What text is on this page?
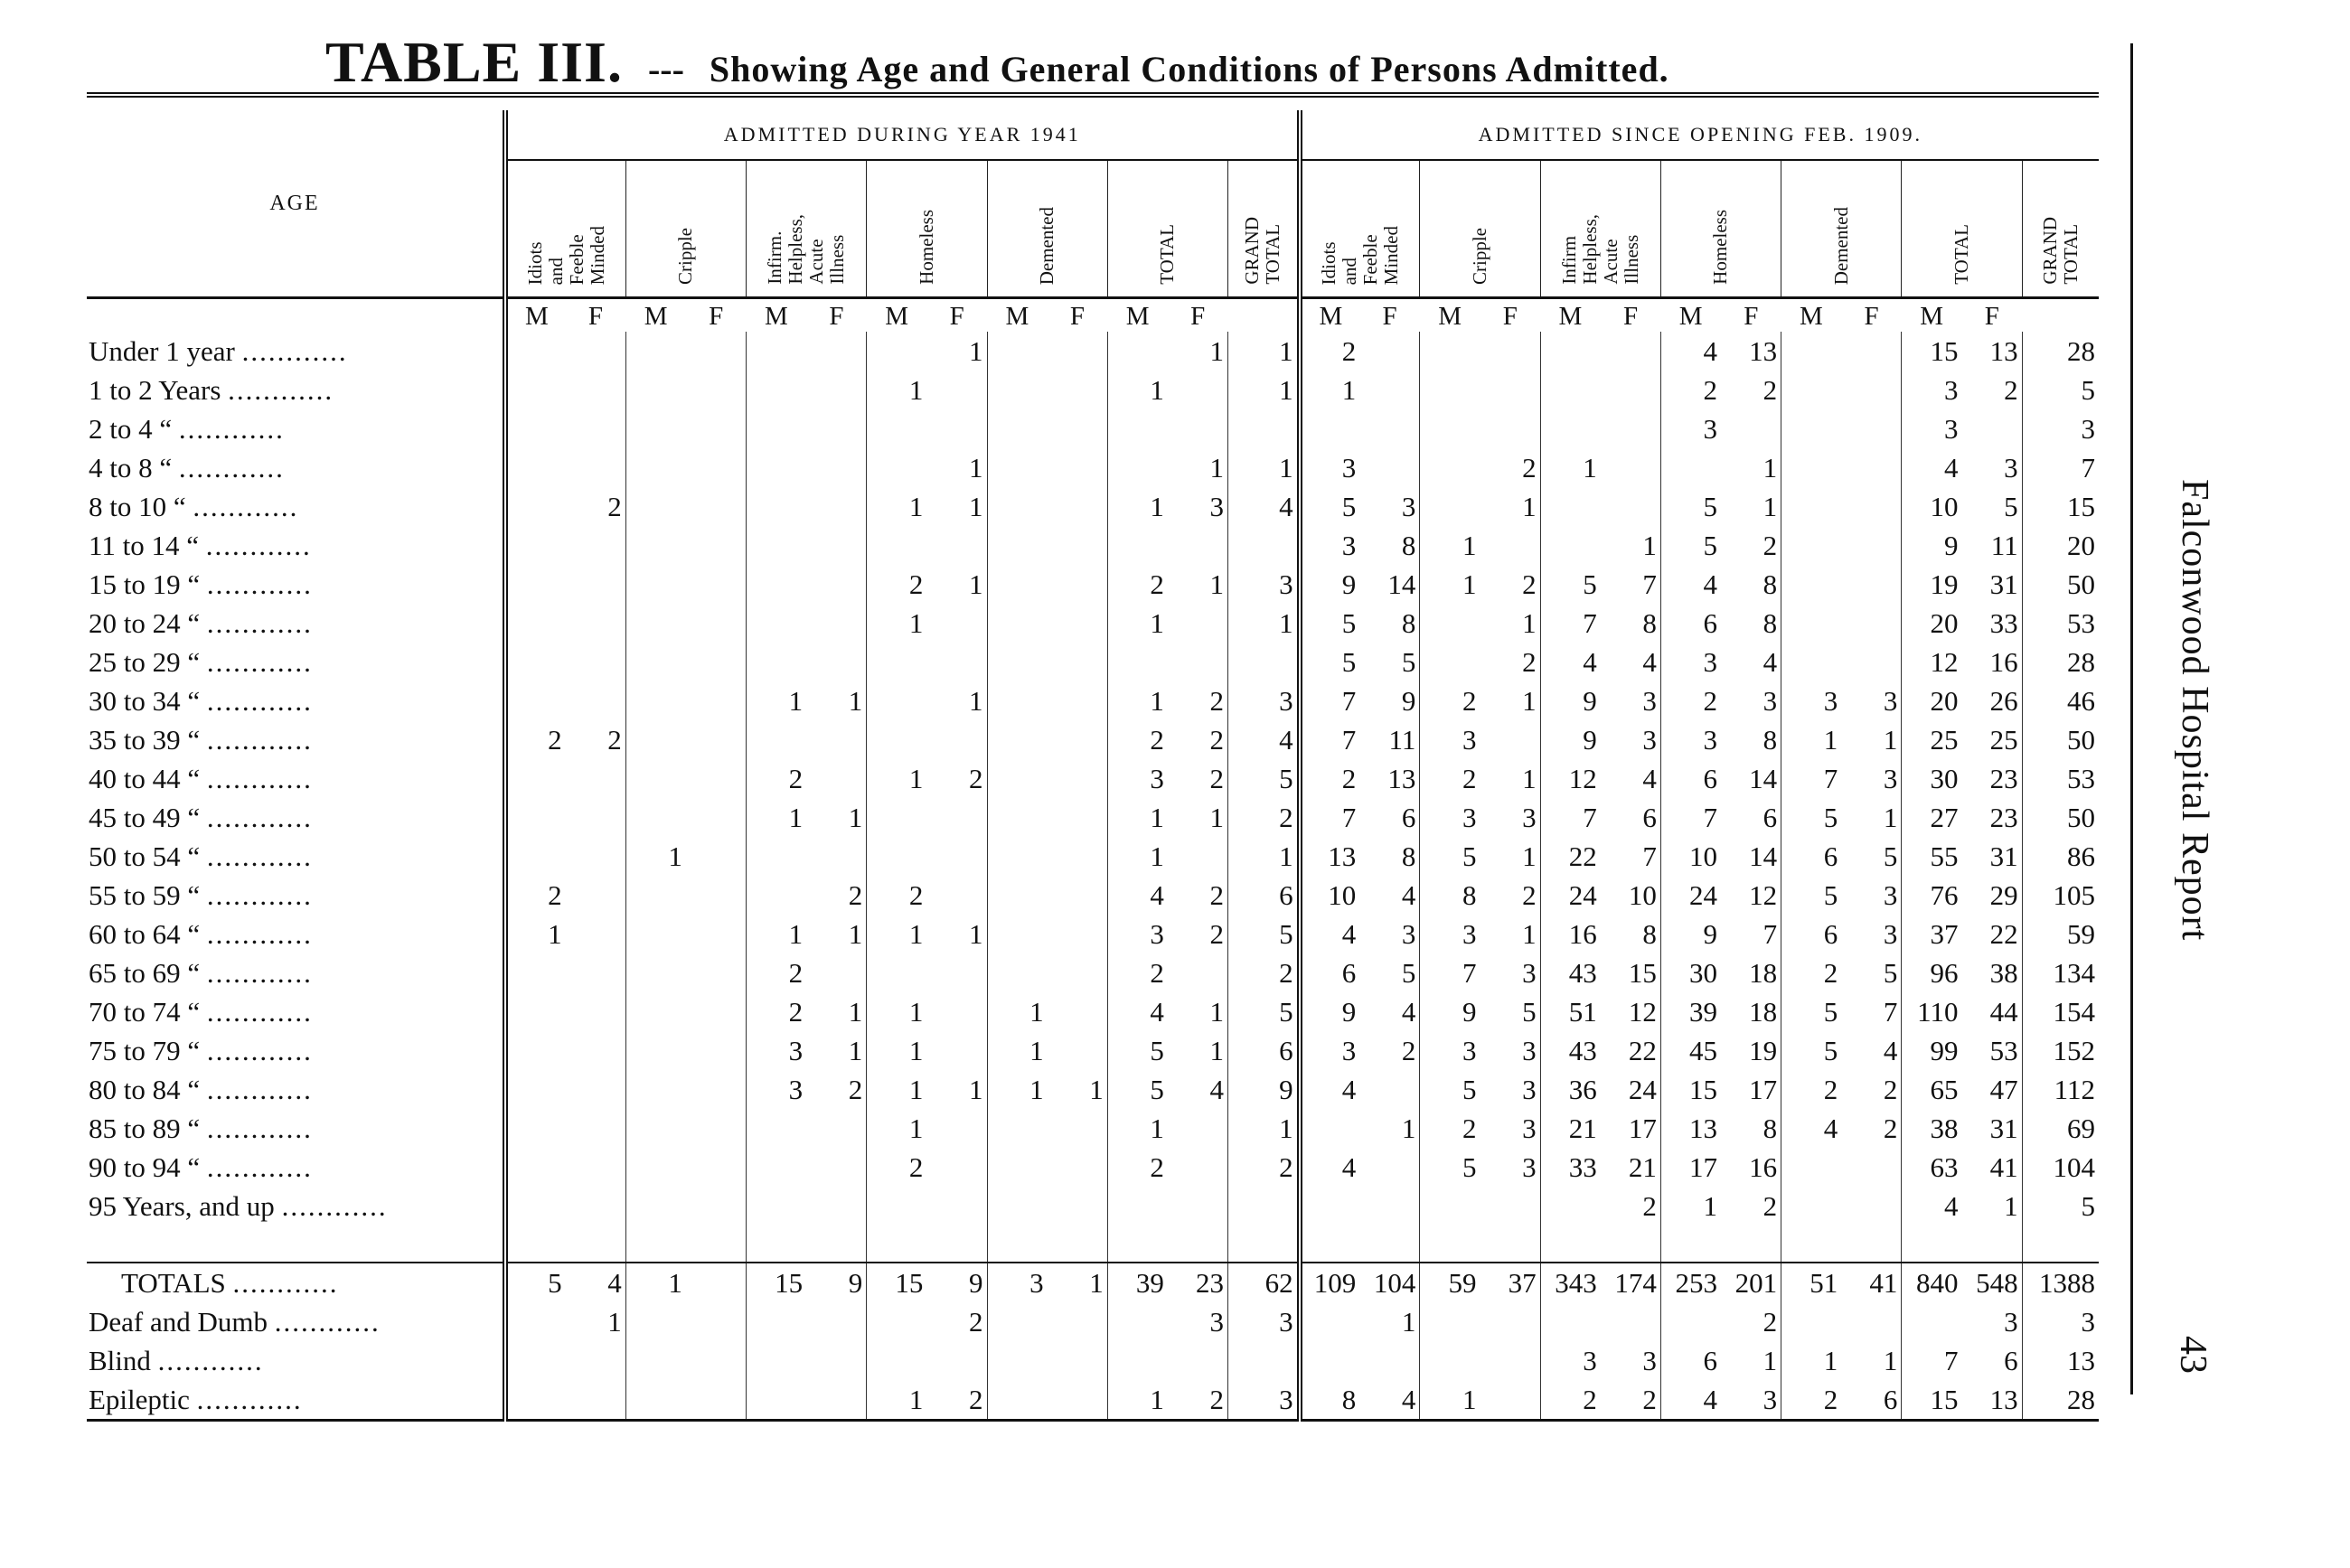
TABLE III. --- Showing Age and General Conditions of Persons Admitted.
Falconwood Hospital Report
43

AGE	ADMITTED DURING YEAR 1941													ADMITTED SINCE OPENING FEB. 1909.												
	Idiots
and
Feeble
Minded		Cripple		Infirm.
Helpless,
Acute
Illness		Homeless		Demented		TOTAL		GRAND
TOTAL	Idiots
and
Feeble
Minded		Cripple		Infirm
Helpless,
Acute
Illness		Homeless		Demented		TOTAL		GRAND
TOTAL
	M	F	M	F	M	F	M	F	M	F	M	F		M	F	M	F	M	F	M	F	M	F	M	F	
Under 1 year ............								1				1	1	2						4	13			15	13	28
1 to 2 Years ............							1				1		1	1						2	2			3	2	5
2 to 4 “ ............																				3				3		3
4 to 8 “ ............								1				1	1	3			2	1			1			4	3	7
8 to 10 “ ............		2					1	1			1	3	4	5	3		1			5	1			10	5	15
11 to 14 “ ............														3	8	1			1	5	2			9	11	20
15 to 19 “ ............							2	1			2	1	3	9	14	1	2	5	7	4	8			19	31	50
20 to 24 “ ............							1				1		1	5	8		1	7	8	6	8			20	33	53
25 to 29 “ ............														5	5		2	4	4	3	4			12	16	28
30 to 34 “ ............					1	1		1			1	2	3	7	9	2	1	9	3	2	3	3	3	20	26	46
35 to 39 “ ............	2	2									2	2	4	7	11	3		9	3	3	8	1	1	25	25	50
40 to 44 “ ............					2		1	2			3	2	5	2	13	2	1	12	4	6	14	7	3	30	23	53
45 to 49 “ ............					1	1					1	1	2	7	6	3	3	7	6	7	6	5	1	27	23	50
50 to 54 “ ............			1								1		1	13	8	5	1	22	7	10	14	6	5	55	31	86
55 to 59 “ ............	2					2	2				4	2	6	10	4	8	2	24	10	24	12	5	3	76	29	105
60 to 64 “ ............	1				1	1	1	1			3	2	5	4	3	3	1	16	8	9	7	6	3	37	22	59
65 to 69 “ ............					2						2		2	6	5	7	3	43	15	30	18	2	5	96	38	134
70 to 74 “ ............					2	1	1		1		4	1	5	9	4	9	5	51	12	39	18	5	7	110	44	154
75 to 79 “ ............					3	1	1		1		5	1	6	3	2	3	3	43	22	45	19	5	4	99	53	152
80 to 84 “ ............					3	2	1	1	1	1	5	4	9	4		5	3	36	24	15	17	2	2	65	47	112
85 to 89 “ ............							1				1		1		1	2	3	21	17	13	8	4	2	38	31	69
90 to 94 “ ............							2				2		2	4		5	3	33	21	17	16			63	41	104
95 Years, and up ............																			2	1	2			4	1	5

TOTALS ............	5	4	1		15	9	15	9	3	1	39	23	62	109	104	59	37	343	174	253	201	51	41	840	548	1388
Deaf and Dumb ............		1						2				3	3		1						2				3	3
Blind ............																		3	3	6	1	1	1	7	6	13
Epileptic ............							1	2			1	2	3	8	4	1		2	2	4	3	2	6	15	13	28
